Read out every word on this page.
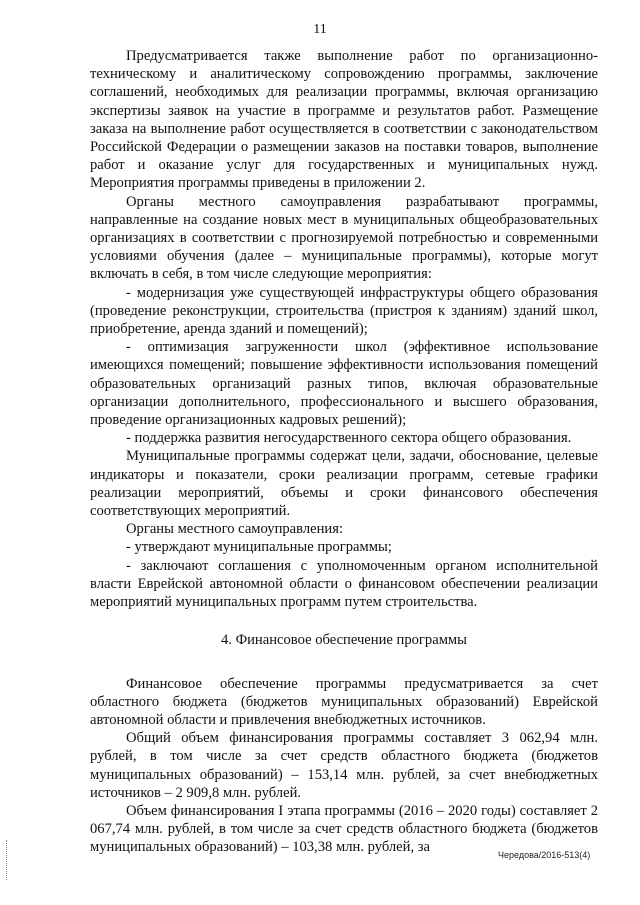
11

Предусматривается также выполнение работ по организационно-техническому и аналитическому сопровождению программы, заключение соглашений, необходимых для реализации программы, включая организацию экспертизы заявок на участие в программе и результатов работ. Размещение заказа на выполнение работ осуществляется в соответствии с законодательством Российской Федерации о размещении заказов на поставки товаров, выполнение работ и оказание услуг для государственных и муниципальных нужд. Мероприятия программы приведены в приложении 2.

Органы местного самоуправления разрабатывают программы, направленные на создание новых мест в муниципальных общеобразовательных организациях в соответствии с прогнозируемой потребностью и современными условиями обучения (далее – муниципальные программы), которые могут включать в себя, в том числе следующие мероприятия:

- модернизация уже существующей инфраструктуры общего образования (проведение реконструкции, строительства (пристроя к зданиям) зданий школ, приобретение, аренда зданий и помещений);

- оптимизация загруженности школ (эффективное использование имеющихся помещений; повышение эффективности использования помещений образовательных организаций разных типов, включая образовательные организации дополнительного, профессионального и высшего образования, проведение организационных кадровых решений);

- поддержка развития негосударственного сектора общего образования.

Муниципальные программы содержат цели, задачи, обоснование, целевые индикаторы и показатели, сроки реализации программ, сетевые графики реализации мероприятий, объемы и сроки финансового обеспечения соответствующих мероприятий.

Органы местного самоуправления:

- утверждают муниципальные программы;

- заключают соглашения с уполномоченным органом исполнительной власти Еврейской автономной области о финансовом обеспечении реализации мероприятий муниципальных программ путем строительства.

4. Финансовое обеспечение программы

Финансовое обеспечение программы предусматривается за счет областного бюджета (бюджетов муниципальных образований) Еврейской автономной области и привлечения внебюджетных источников.

Общий объем финансирования программы составляет 3 062,94 млн. рублей, в том числе за счет средств областного бюджета (бюджетов муниципальных образований) – 153,14 млн. рублей, за счет внебюджетных источников – 2 909,8 млн. рублей.

Объем финансирования I этапа программы (2016 – 2020 годы) составляет 2 067,74 млн. рублей, в том числе за счет средств областного бюджета (бюджетов муниципальных образований) – 103,38 млн. рублей, за	Чередова/2016-513(4)
